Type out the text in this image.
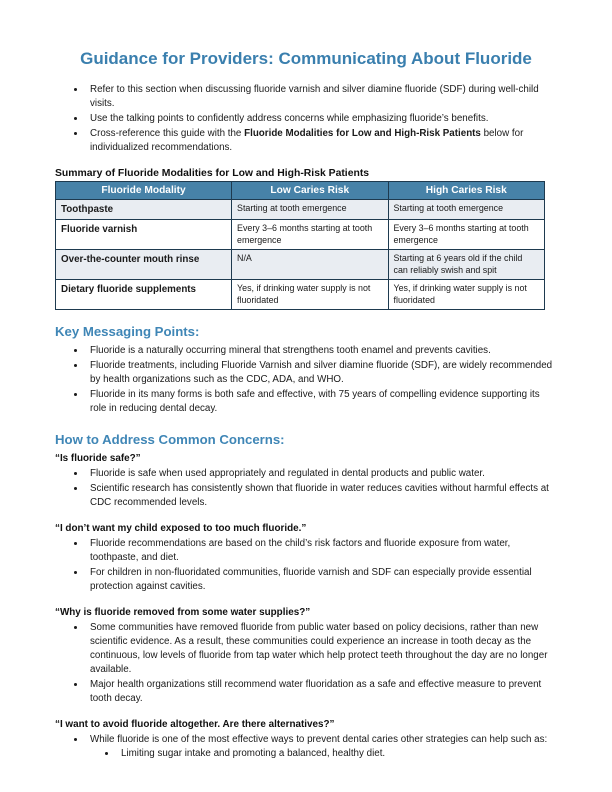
Guidance for Providers: Communicating About Fluoride
• Refer to this section when discussing fluoride varnish and silver diamine fluoride (SDF) during well-child visits.
• Use the talking points to confidently address concerns while emphasizing fluoride’s benefits.
• Cross-reference this guide with the Fluoride Modalities for Low and High-Risk Patients below for individualized recommendations.

Summary of Fluoride Modalities for Low and High-Risk Patients

Fluoride Modality	Low Caries Risk	High Caries Risk
Toothpaste	Starting at tooth emergence	Starting at tooth emergence
Fluoride varnish	Every 3–6 months starting at tooth emergence	Every 3–6 months starting at tooth emergence
Over-the-counter mouth rinse	N/A	Starting at 6 years old if the child can reliably swish and spit
Dietary fluoride supplements	Yes, if drinking water supply is not fluoridated	Yes, if drinking water supply is not fluoridated
Key Messaging Points:
• Fluoride is a naturally occurring mineral that strengthens tooth enamel and prevents cavities.
• Fluoride treatments, including Fluoride Varnish and silver diamine fluoride (SDF), are widely recommended by health organizations such as the CDC, ADA, and WHO.
• Fluoride in its many forms is both safe and effective, with 75 years of compelling evidence supporting its role in reducing dental decay.
How to Address Common Concerns:

“Is fluoride safe?”

• Fluoride is safe when used appropriately and regulated in dental products and public water.
• Scientific research has consistently shown that fluoride in water reduces cavities without harmful effects at CDC recommended levels.

“I don’t want my child exposed to too much fluoride.”

• Fluoride recommendations are based on the child’s risk factors and fluoride exposure from water, toothpaste, and diet.
• For children in non-fluoridated communities, fluoride varnish and SDF can especially provide essential protection against cavities.

“Why is fluoride removed from some water supplies?”

• Some communities have removed fluoride from public water based on policy decisions, rather than new scientific evidence. As a result, these communities could experience an increase in tooth decay as the continuous, low levels of fluoride from tap water which help protect teeth throughout the day are no longer available.
• Major health organizations still recommend water fluoridation as a safe and effective measure to prevent tooth decay.

“I want to avoid fluoride altogether. Are there alternatives?”

• While fluoride is one of the most effective ways to prevent dental caries other strategies can help such as:
• Limiting sugar intake and promoting a balanced, healthy diet.
